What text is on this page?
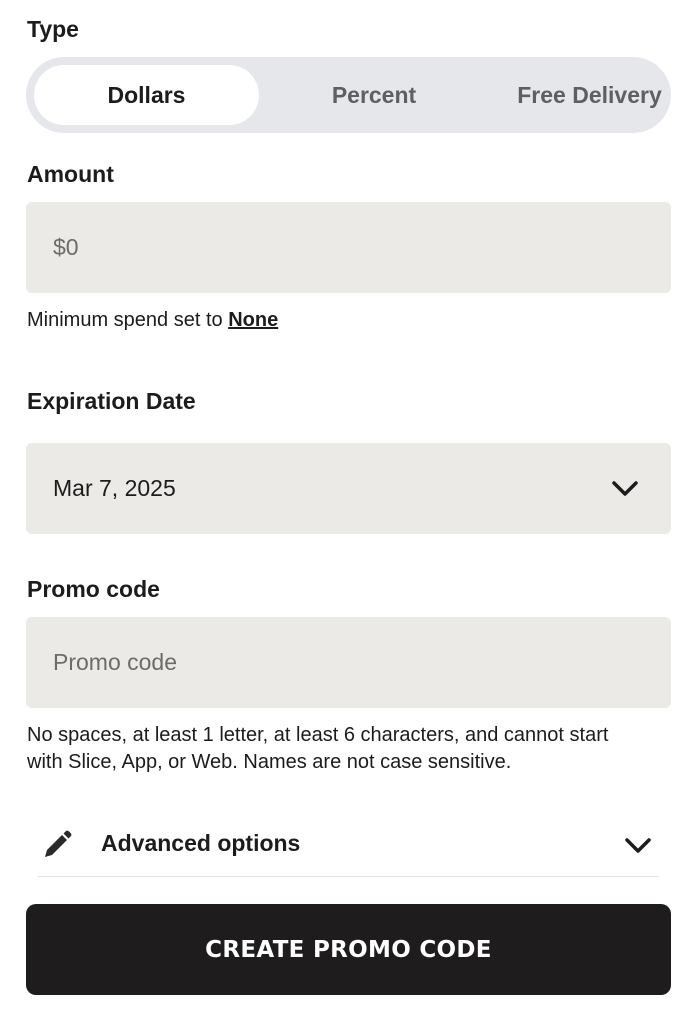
Type
Dollars	Percent	Free Delivery
Amount
$0
Minimum spend set to None
Expiration Date
Mar 7, 2025
Promo code
Promo code
No spaces, at least 1 letter, at least 6 characters, and cannot start
with Slice, App, or Web. Names are not case sensitive.
Advanced options
CREATE PROMO CODE
